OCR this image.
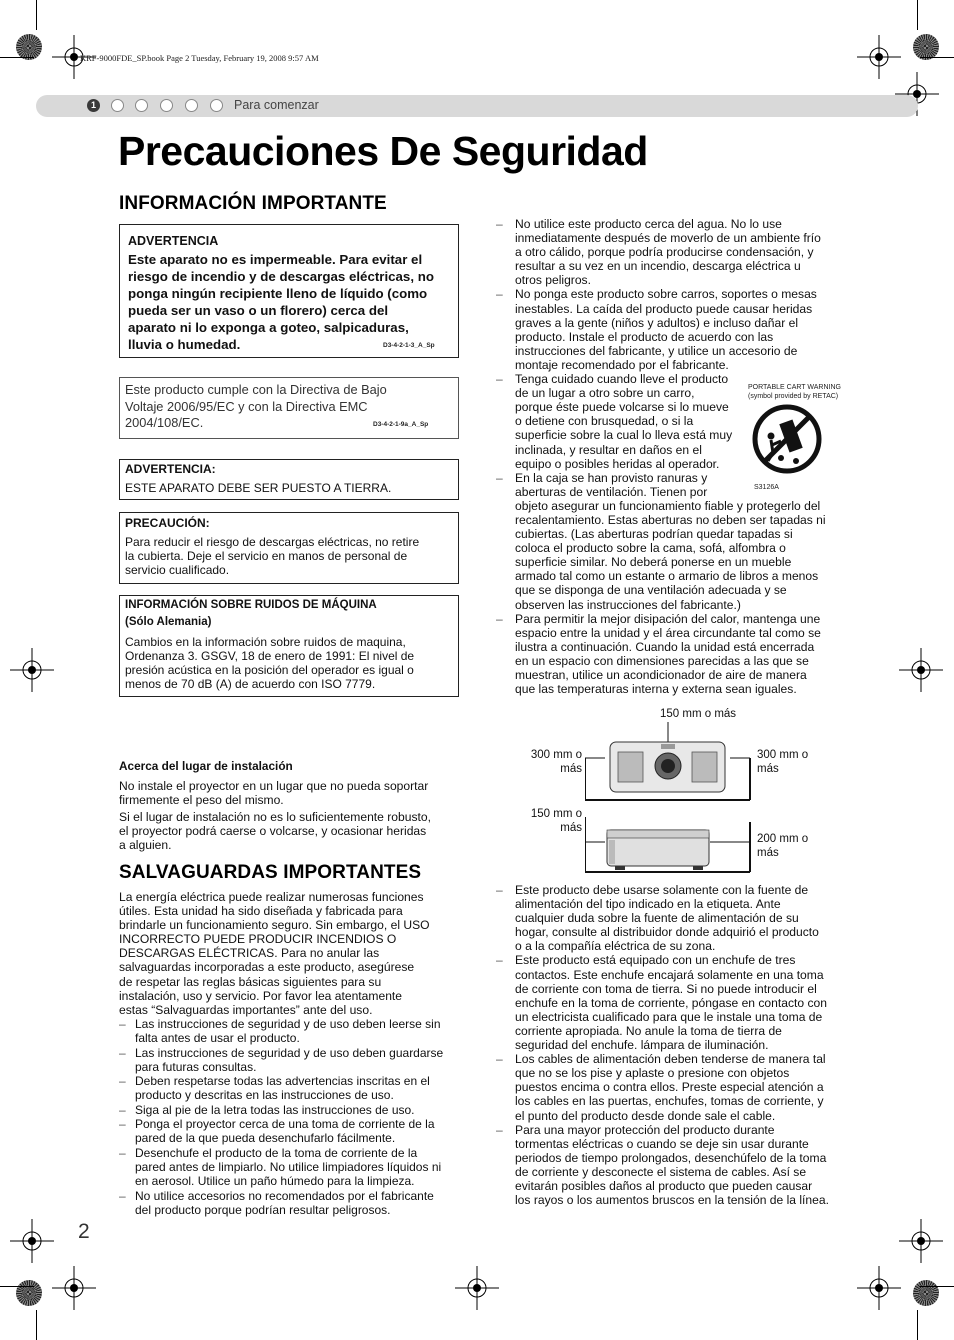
KRF-9000FDE_SP.book Page 2 Tuesday, February 19, 2008 9:57 AM
1	Para comenzar
Precauciones De Seguridad
INFORMACIÓN IMPORTANTE
ADVERTENCIA
Este aparato no es impermeable. Para evitar el
riesgo de incendio y de descargas eléctricas, no
ponga ningún recipiente lleno de líquido (como
pueda ser un vaso o un florero) cerca del
aparato ni lo exponga a goteo, salpicaduras,
lluvia o humedad.	D3-4-2-1-3_A_Sp
Este producto cumple con la Directiva de Bajo
Voltaje 2006/95/EC y con la Directiva EMC
2004/108/EC.	D3-4-2-1-9a_A_Sp
ADVERTENCIA:
ESTE APARATO DEBE SER PUESTO A TIERRA.
PRECAUCIÓN:
Para reducir el riesgo de descargas eléctricas, no retire
la cubierta. Deje el servicio en manos de personal de
servicio cualificado.
INFORMACIÓN SOBRE RUIDOS DE MÁQUINA
(Sólo Alemania)
Cambios en la información sobre ruidos de maquina,
Ordenanza 3. GSGV, 18 de enero de 1991: El nivel de
presión acústica en la posición del operador es igual o
menos de 70 dB (A) de acuerdo con ISO 7779.
Acerca del lugar de instalación
No instale el proyector en un lugar que no pueda soportar
firmemente el peso del mismo.
Si el lugar de instalación no es lo suficientemente robusto,
el proyector podrá caerse o volcarse, y ocasionar heridas
a alguien.
SALVAGUARDAS IMPORTANTES
La energía eléctrica puede realizar numerosas funciones
útiles. Esta unidad ha sido diseñada y fabricada para
brindarle un funcionamiento seguro. Sin embargo, el USO
INCORRECTO PUEDE PRODUCIR INCENDIOS O
DESCARGAS ELÉCTRICAS. Para no anular las
salvaguardas incorporadas a este producto, asegúrese
de respetar las reglas básicas siguientes para su
instalación, uso y servicio. Por favor lea atentamente
estas “Salvaguardas importantes” ante del uso.
– Las instrucciones de seguridad y de uso deben leerse sin
falta antes de usar el producto.
– Las instrucciones de seguridad y de uso deben guardarse
para futuras consultas.
– Deben respetarse todas las advertencias inscritas en el
producto y descritas en las instrucciones de uso.
– Siga al pie de la letra todas las instrucciones de uso.
– Ponga el proyector cerca de una toma de corriente de la
pared de la que pueda desenchufarlo fácilmente.
– Desenchufe el producto de la toma de corriente de la
pared antes de limpiarlo. No utilice limpiadores líquidos ni
en aerosol. Utilice un paño húmedo para la limpieza.
– No utilice accesorios no recomendados por el fabricante
del producto porque podrían resultar peligrosos.
2
– No utilice este producto cerca del agua. No lo use
inmediatamente después de moverlo de un ambiente frío
a otro cálido, porque podría producirse condensación, y
resultar a su vez en un incendio, descarga eléctrica u
otros peligros.
– No ponga este producto sobre carros, soportes o mesas
inestables. La caída del producto puede causar heridas
graves a la gente (niños y adultos) e incluso dañar el
producto. Instale el producto de acuerdo con las
instrucciones del fabricante, y utilice un accesorio de
montaje recomendado por el fabricante.
– Tenga cuidado cuando lleve el producto
de un lugar a otro sobre un carro,
porque éste puede volcarse si lo mueve
o detiene con brusquedad, o si la
superficie sobre la cual lo lleva está muy
inclinada, y resultar en daños en el
equipo o posibles heridas al operador.
– En la caja se han provisto ranuras y
aberturas de ventilación. Tienen por
objeto asegurar un funcionamiento fiable y protegerlo del
recalentamiento. Estas aberturas no deben ser tapadas ni
cubiertas. (Las aberturas podrían quedar tapadas si
coloca el producto sobre la cama, sofá, alfombra o
superficie similar. No deberá ponerse en un mueble
armado tal como un estante o armario de libros a menos
que se disponga de una ventilación adecuada y se
observen las instrucciones del fabricante.)
– Para permitir la mejor disipación del calor, mantenga une
espacio entre la unidad y el área circundante tal como se
ilustra a continuación. Cuando la unidad está encerrada
en un espacio con dimensiones parecidas a las que se
muestran, utilice un acondicionador de aire de manera
que las temperaturas interna y externa sean iguales.
PORTABLE CART WARNING
(symbol provided by RETAC)
S3126A
150 mm o más
300 mm o
más
300 mm o
más
150 mm o
más
200 mm o
más
– Este producto debe usarse solamente con la fuente de
alimentación del tipo indicado en la etiqueta. Ante
cualquier duda sobre la fuente de alimentación de su
hogar, consulte al distribuidor donde adquirió el producto
o a la compañía eléctrica de su zona.
– Este producto está equipado con un enchufe de tres
contactos. Este enchufe encajará solamente en una toma
de corriente con toma de tierra. Si no puede introducir el
enchufe en la toma de corriente, póngase en contacto con
un electricista cualificado para que le instale una toma de
corriente apropiada. No anule la toma de tierra de
seguridad del enchufe. lámpara de iluminación.
– Los cables de alimentación deben tenderse de manera tal
que no se los pise y aplaste o presione con objetos
puestos encima o contra ellos. Preste especial atención a
los cables en las puertas, enchufes, tomas de corriente, y
el punto del producto desde donde sale el cable.
– Para una mayor protección del producto durante
tormentas eléctricas o cuando se deje sin usar durante
periodos de tiempo prolongados, desenchúfelo de la toma
de corriente y desconecte el sistema de cables. Así se
evitarán posibles daños al producto que pueden causar
los rayos o los aumentos bruscos en la tensión de la línea.
